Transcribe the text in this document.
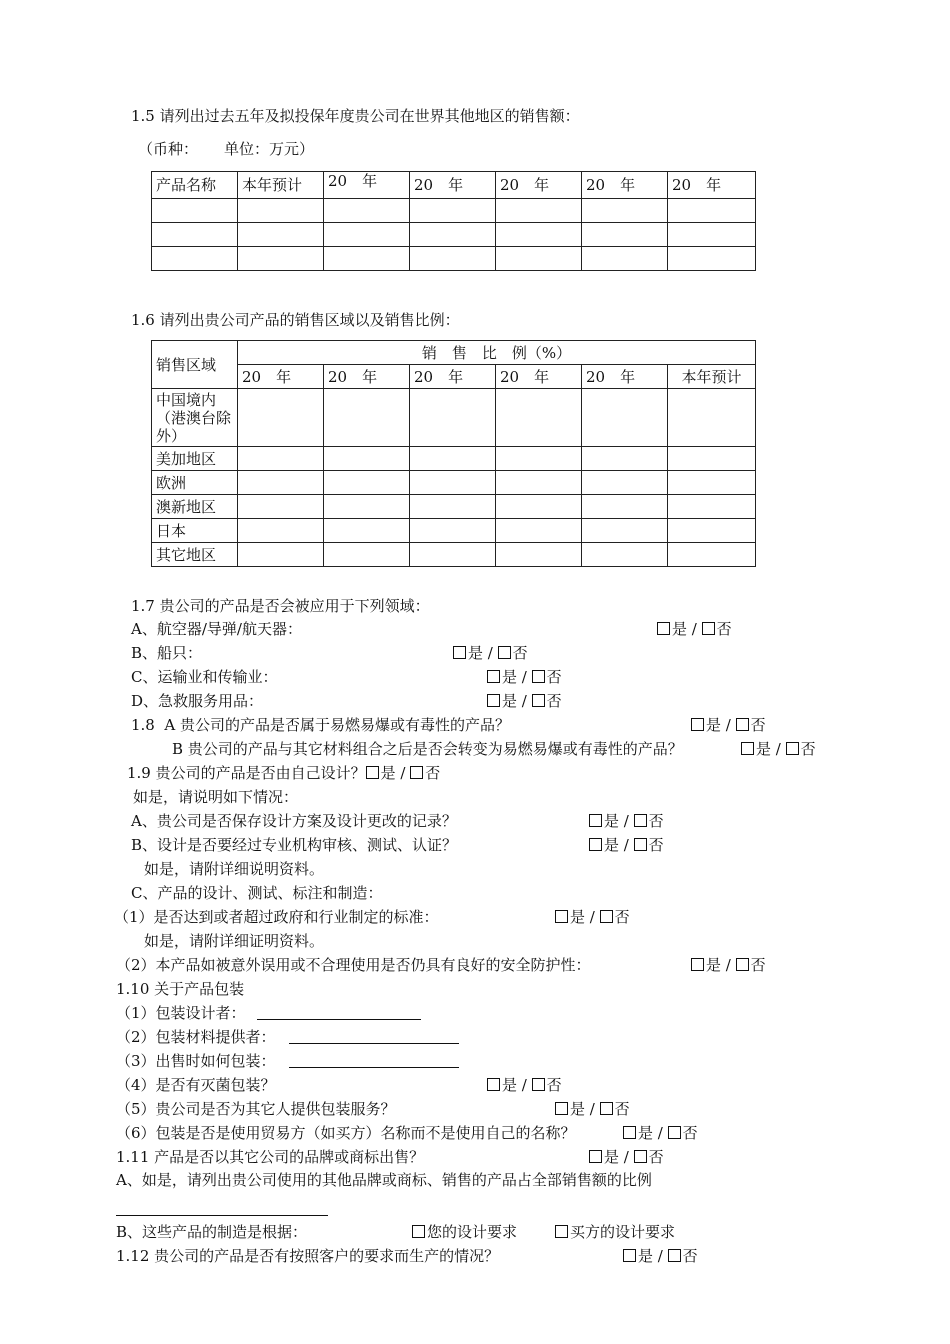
1.5 请列出过去五年及拟投保年度贵公司在世界其他地区的销售额：
（币种： 单位：万元）
产品名称	本年预计	20　年	20　年	20　年	20　年	20　年

1.6 请列出贵公司产品的销售区域以及销售比例：
销售区域	销　售　比　例（%）					
	20　年	20　年	20　年	20　年	20　年	本年预计
中国境内（港澳台除外）						
美加地区						
欧洲						
澳新地区						
日本						
其它地区						
1.7 贵公司的产品是否会被应用于下列领域：
A、航空器/导弹/航天器：	是 / 否
B、船只：	是 / 否
C、运输业和传输业：	是 / 否
D、急救服务用品：	是 / 否
1.8  A 贵公司的产品是否属于易燃易爆或有毒性的产品？	是 / 否
B 贵公司的产品与其它材料组合之后是否会转变为易燃易爆或有毒性的产品？	是 / 否
1.9 贵公司的产品是否由自己设计？ 是 / 否
如是，请说明如下情况：
A、贵公司是否保存设计方案及设计更改的记录？	是 / 否
B、设计是否要经过专业机构审核、测试、认证？	是 / 否
如是，请附详细说明资料。
C、产品的设计、测试、标注和制造：
（1）是否达到或者超过政府和行业制定的标准：	是 / 否
如是，请附详细证明资料。
（2）本产品如被意外误用或不合理使用是否仍具有良好的安全防护性：	是 / 否
1.10 关于产品包装
（1）包装设计者：
（2）包装材料提供者：
（3）出售时如何包装：
（4）是否有灭菌包装？	是 / 否
（5）贵公司是否为其它人提供包装服务？	是 / 否
（6）包装是否是使用贸易方（如买方）名称而不是使用自己的名称？	是 / 否
1.11 产品是否以其它公司的品牌或商标出售？	是 / 否
A、如是，请列出贵公司使用的其他品牌或商标、销售的产品占全部销售额的比例
B、这些产品的制造是根据：	您的设计要求	买方的设计要求
1.12 贵公司的产品是否有按照客户的要求而生产的情况？	是 / 否
